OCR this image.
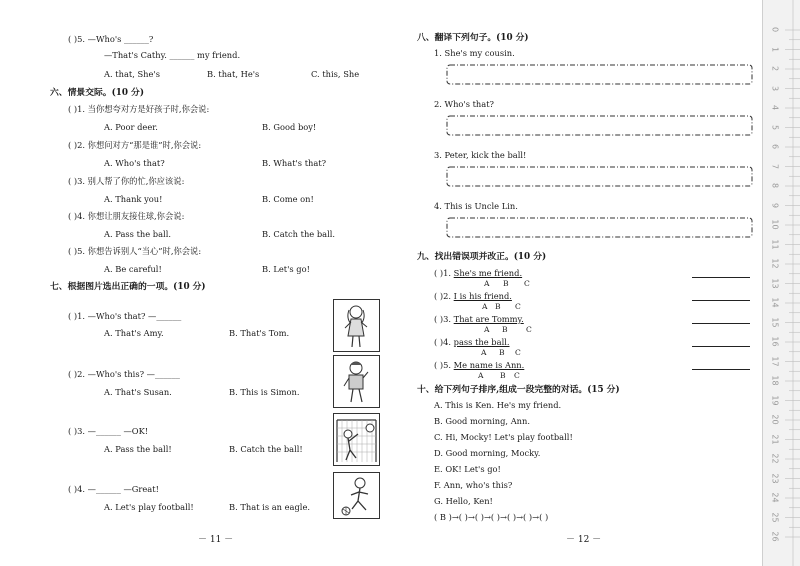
( )5. —Who's ______?
—That's Cathy. ______ my friend.
A. that, She's	B. that, He's	C. this, She
六、情景交际。(10 分)
( )1. 当你想夸对方是好孩子时,你会说:
A. Poor deer.	B. Good boy!
( )2. 你想问对方“那是谁”时,你会说:
A. Who's that?	B. What's that?
( )3. 别人帮了你的忙,你应该说:
A. Thank you!	B. Come on!
( )4. 你想让朋友接住球,你会说:
A. Pass the ball.	B. Catch the ball.
( )5. 你想告诉别人“当心”时,你会说:
A. Be careful!	B. Let's go!
七、根据图片选出正确的一项。(10 分)
( )1. —Who's that? —______
A. That's Amy.	B. That's Tom.
( )2. —Who's this? —______
A. That's Susan.	B. This is Simon.
( )3. —______ —OK!
A. Pass the ball!	B. Catch the ball!
( )4. —______ —Great!
A. Let's play football!	B. That is an eagle.
－ 11 －
八、翻译下列句子。(10 分)
1. She's my cousin.
2. Who's that?
3. Peter, kick the ball!
4. This is Uncle Lin.
九、找出错误项并改正。(10 分)
( )1. She's me friend.
A B C
( )2. I is his friend.
A B C
( )3. That are Tommy.
A B C
( )4. pass the ball.
A B C
( )5. Me name is Ann.
A B C
十、给下列句子排序,组成一段完整的对话。(15 分)
A. This is Ken. He's my friend.
B. Good morning, Ann.
C. Hi, Mocky! Let's play football!
D. Good morning, Mocky.
E. OK! Let's go!
F. Ann, who's this?
G. Hello, Ken!
( B )→( )→( )→( )→( )→( )→( )
－ 12 －
0
1
2
3
4
5
6
7
8
9
10
11
12
13
14
15
16
17
18
19
20
21
22
23
24
25
26
